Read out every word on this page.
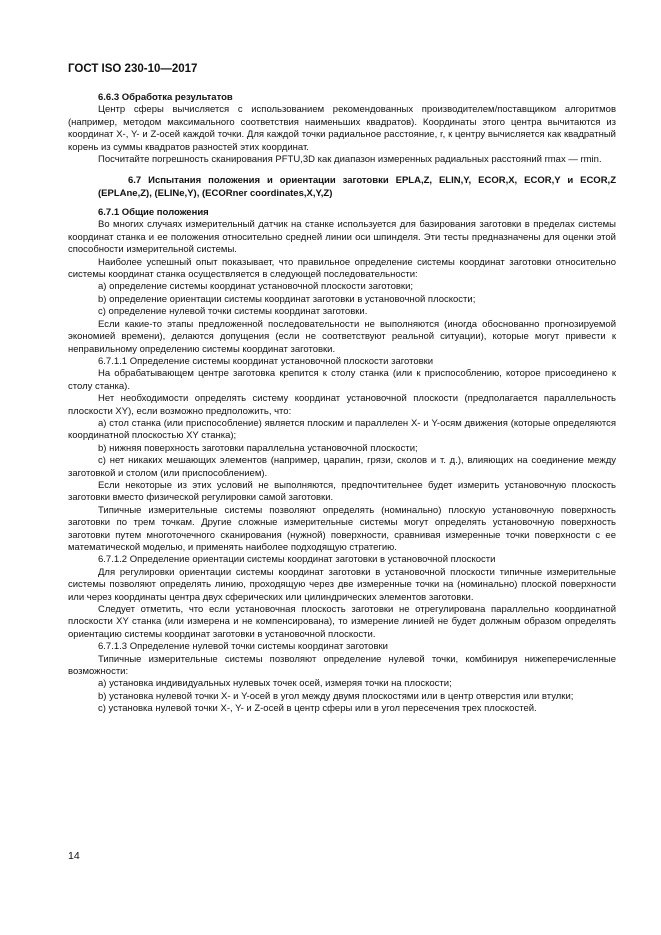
ГОСТ ISO 230-10—2017

6.6.3 Обработка результатов

Центр сферы вычисляется с использованием рекомендованных производителем/поставщиком алгоритмов (например, методом максимального соответствия наименьших квадратов). Координаты этого центра вычитаются из координат X-, Y- и Z-осей каждой точки. Для каждой точки радиальное расстояние, r, к центру вычисляется как квадратный корень из суммы квадратов разностей этих координат.

Посчитайте погрешность сканирования PFTU,3D как диапазон измеренных радиальных расстояний rmax — rmin.

6.7 Испытания положения и ориентации заготовки EPLA,Z, ELIN,Y, ECOR,X, ECOR,Y и ECOR,Z (EPLAne,Z), (ELINe,Y), (ECORner coordinates,X,Y,Z)

6.7.1 Общие положения

Во многих случаях измерительный датчик на станке используется для базирования заготовки в пределах системы координат станка и ее положения относительно средней линии оси шпинделя. Эти тесты предназначены для оценки этой способности измерительной системы.

Наиболее успешный опыт показывает, что правильное определение системы координат заготовки относительно системы координат станка осуществляется в следующей последовательности:

a) определение системы координат установочной плоскости заготовки;

b) определение ориентации системы координат заготовки в установочной плоскости;

c) определение нулевой точки системы координат заготовки.

Если какие-то этапы предложенной последовательности не выполняются (иногда обоснованно прогнозируемой экономией времени), делаются допущения (если не соответствуют реальной ситуации), которые могут привести к неправильному определению системы координат заготовки.

6.7.1.1 Определение системы координат установочной плоскости заготовки

На обрабатывающем центре заготовка крепится к столу станка (или к приспособлению, которое присоединено к столу станка).

Нет необходимости определять систему координат установочной плоскости (предполагается параллельность плоскости XY), если возможно предположить, что:

a) стол станка (или приспособление) является плоским и параллелен X- и Y-осям движения (которые определяются координатной плоскостью XY станка);

b) нижняя поверхность заготовки параллельна установочной плоскости;

c) нет никаких мешающих элементов (например, царапин, грязи, сколов и т. д.), влияющих на соединение между заготовкой и столом (или приспособлением).

Если некоторые из этих условий не выполняются, предпочтительнее будет измерить установочную плоскость заготовки вместо физической регулировки самой заготовки.

Типичные измерительные системы позволяют определять (номинально) плоскую установочную поверхность заготовки по трем точкам. Другие сложные измерительные системы могут определять установочную поверхность заготовки путем многоточечного сканирования (нужной) поверхности, сравнивая измеренные точки поверхности с ее математической моделью, и применять наиболее подходящую стратегию.

6.7.1.2 Определение ориентации системы координат заготовки в установочной плоскости

Для регулировки ориентации системы координат заготовки в установочной плоскости типичные измерительные системы позволяют определять линию, проходящую через две измеренные точки на (номинально) плоской поверхности или через координаты центра двух сферических или цилиндрических элементов заготовки.

Следует отметить, что если установочная плоскость заготовки не отрегулирована параллельно координатной плоскости XY станка (или измерена и не компенсирована), то измерение линией не будет должным образом определять ориентацию системы координат заготовки в установочной плоскости.

6.7.1.3 Определение нулевой точки системы координат заготовки

Типичные измерительные системы позволяют определение нулевой точки, комбинируя нижеперечисленные возможности:

a) установка индивидуальных нулевых точек осей, измеряя точки на плоскости;

b) установка нулевой точки X- и Y-осей в угол между двумя плоскостями или в центр отверстия или втулки;

c) установка нулевой точки X-, Y- и Z-осей в центр сферы или в угол пересечения трех плоскостей.

14
